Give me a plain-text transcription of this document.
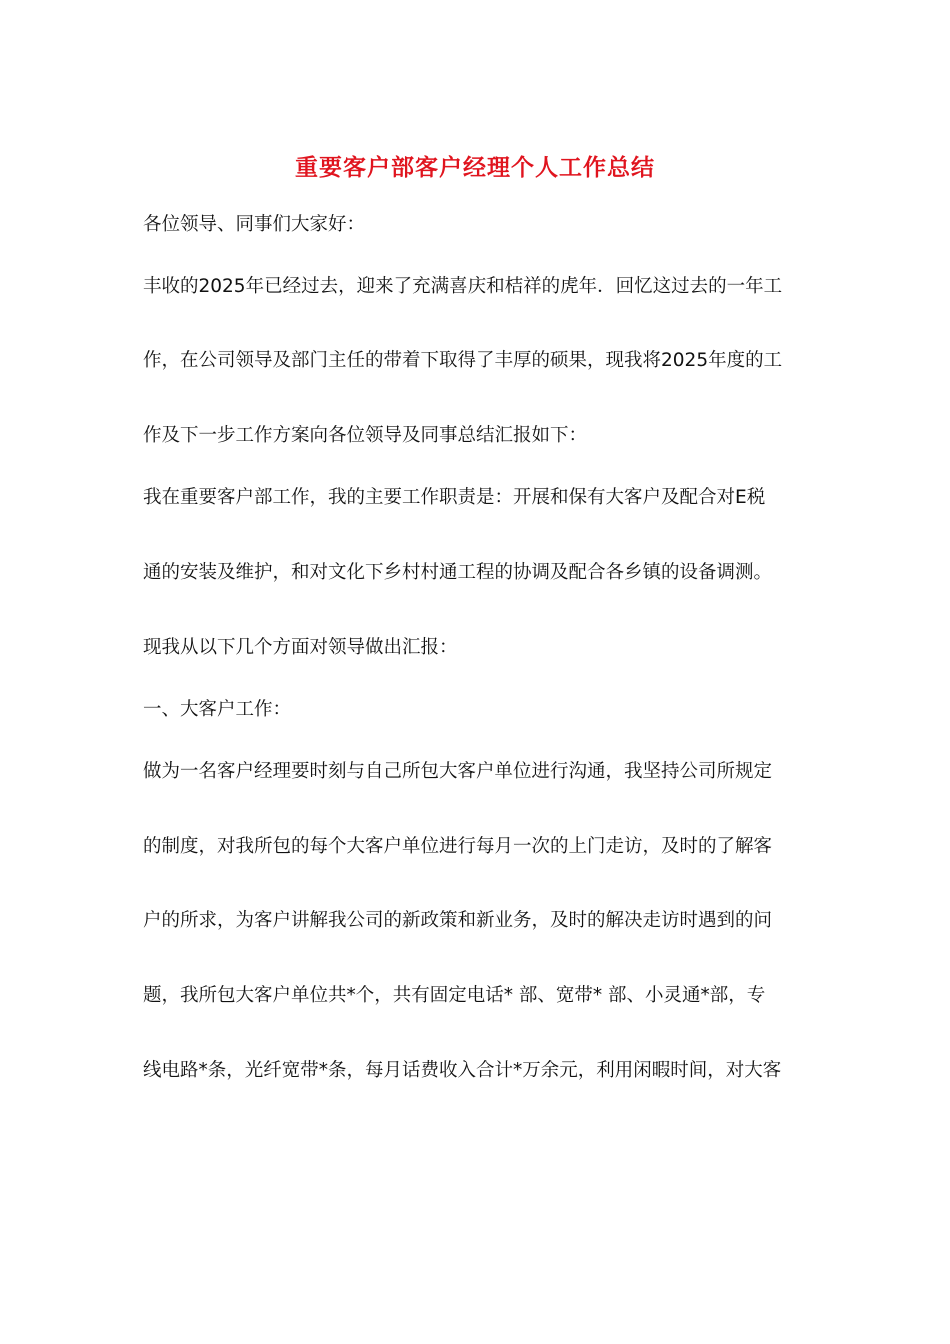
重要客户部客户经理个人工作总结
各位领导、同事们大家好：
丰收的2025年已经过去，迎来了充满喜庆和桔祥的虎年．回忆这过去的一年工
作，在公司领导及部门主任的带着下取得了丰厚的硕果，现我将2025年度的工
作及下一步工作方案向各位领导及同事总结汇报如下：
我在重要客户部工作，我的主要工作职责是：开展和保有大客户及配合对E税
通的安装及维护，和对文化下乡村村通工程的协调及配合各乡镇的设备调测。
现我从以下几个方面对领导做出汇报：
一、大客户工作：
做为一名客户经理要时刻与自己所包大客户单位进行沟通，我坚持公司所规定
的制度，对我所包的每个大客户单位进行每月一次的上门走访，及时的了解客
户的所求，为客户讲解我公司的新政策和新业务，及时的解决走访时遇到的问
题，我所包大客户单位共*个，共有固定电话* 部、宽带* 部、小灵通*部，专
线电路*条，光纤宽带*条，每月话费收入合计*万余元，利用闲暇时间，对大客
